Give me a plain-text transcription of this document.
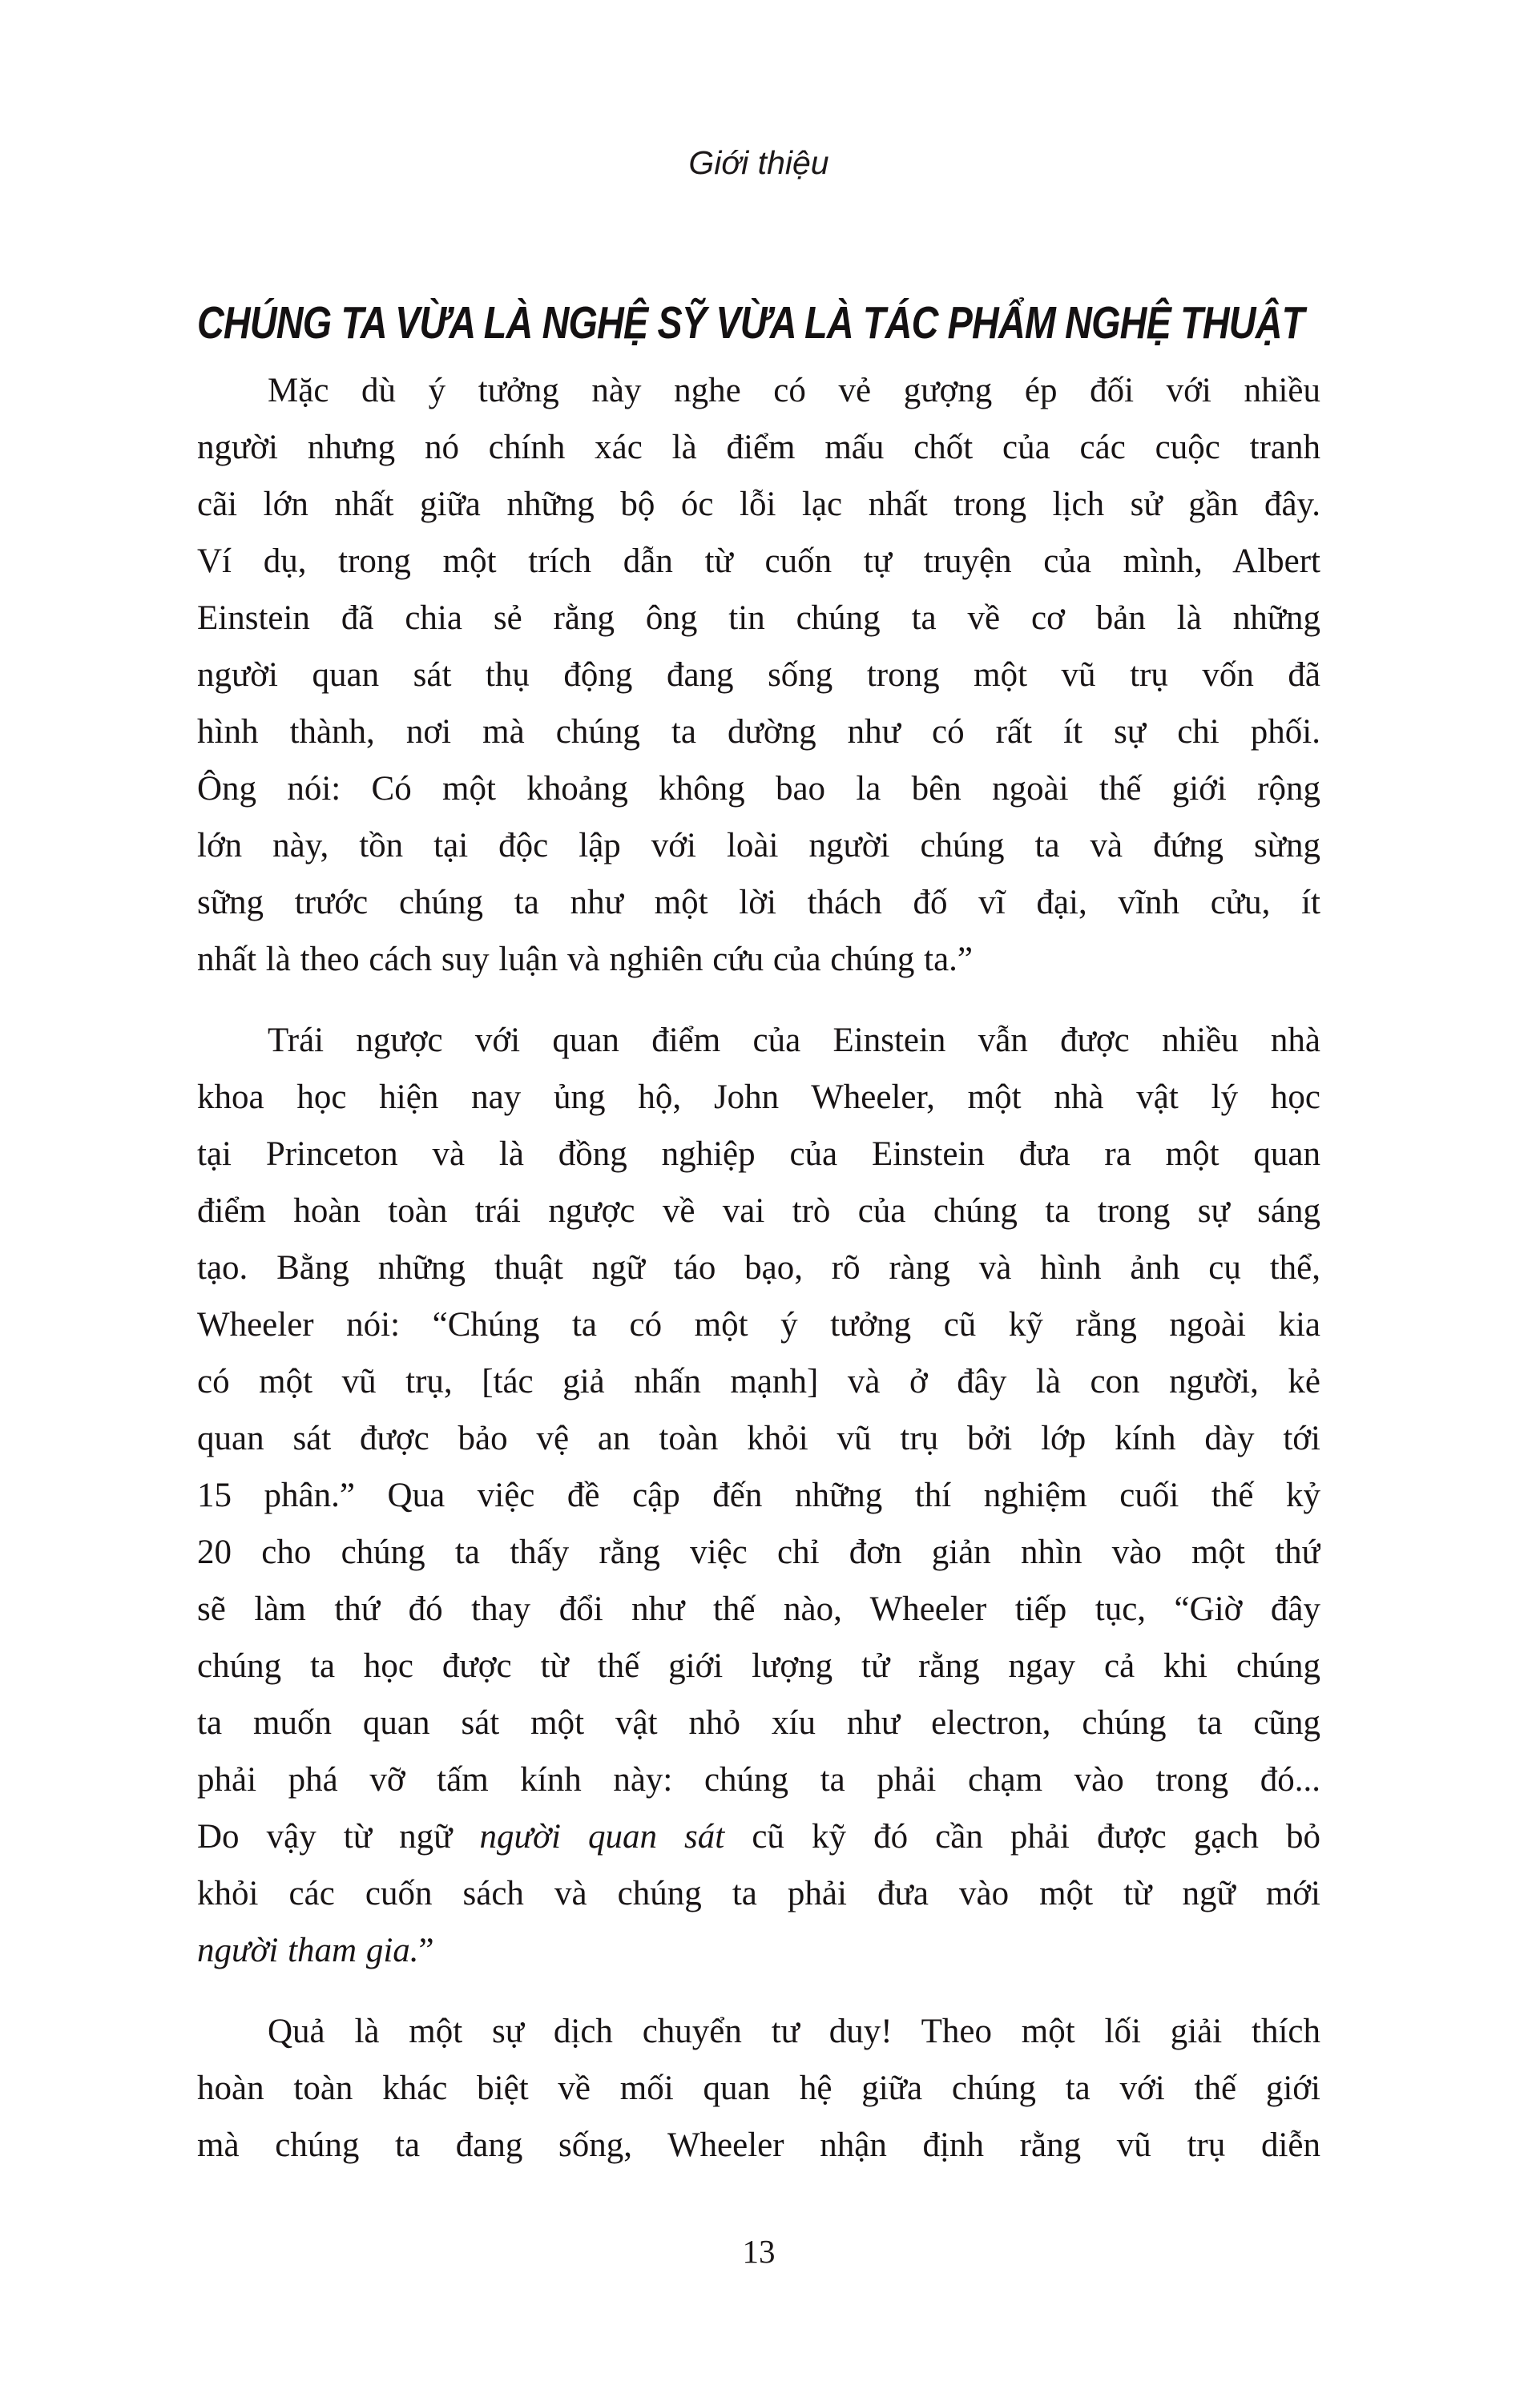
Giới thiệu
CHÚNG TA VỪA LÀ NGHỆ SỸ VỪA LÀ TÁC PHẨM NGHỆ THUẬT
Mặc dù ý tưởng này nghe có vẻ gượng ép đối với nhiều
người nhưng nó chính xác là điểm mấu chốt của các cuộc tranh
cãi lớn nhất giữa những bộ óc lỗi lạc nhất trong lịch sử gần đây.
Ví dụ, trong một trích dẫn từ cuốn tự truyện của mình, Albert
Einstein đã chia sẻ rằng ông tin chúng ta về cơ bản là những
người quan sát thụ động đang sống trong một vũ trụ vốn đã
hình thành, nơi mà chúng ta dường như có rất ít sự chi phối.
Ông nói: Có một khoảng không bao la bên ngoài thế giới rộng
lớn này, tồn tại độc lập với loài người chúng ta và đứng sừng
sững trước chúng ta như một lời thách đố vĩ đại, vĩnh cửu, ít
nhất là theo cách suy luận và nghiên cứu của chúng ta.”
Trái ngược với quan điểm của Einstein vẫn được nhiều nhà
khoa học hiện nay ủng hộ, John Wheeler, một nhà vật lý học
tại Princeton và là đồng nghiệp của Einstein đưa ra một quan
điểm hoàn toàn trái ngược về vai trò của chúng ta trong sự sáng
tạo. Bằng những thuật ngữ táo bạo, rõ ràng và hình ảnh cụ thể,
Wheeler nói: “Chúng ta có một ý tưởng cũ kỹ rằng ngoài kia
có một vũ trụ, [tác giả nhấn mạnh] và ở đây là con người, kẻ
quan sát được bảo vệ an toàn khỏi vũ trụ bởi lớp kính dày tới
15 phân.” Qua việc đề cập đến những thí nghiệm cuối thế kỷ
20 cho chúng ta thấy rằng việc chỉ đơn giản nhìn vào một thứ
sẽ làm thứ đó thay đổi như thế nào, Wheeler tiếp tục, “Giờ đây
chúng ta học được từ thế giới lượng tử rằng ngay cả khi chúng
ta muốn quan sát một vật nhỏ xíu như electron, chúng ta cũng
phải phá vỡ tấm kính này: chúng ta phải chạm vào trong đó...
Do vậy từ ngữ người quan sát cũ kỹ đó cần phải được gạch bỏ
khỏi các cuốn sách và chúng ta phải đưa vào một từ ngữ mới
người tham gia.”
Quả là một sự dịch chuyển tư duy! Theo một lối giải thích
hoàn toàn khác biệt về mối quan hệ giữa chúng ta với thế giới
mà chúng ta đang sống, Wheeler nhận định rằng vũ trụ diễn
13
